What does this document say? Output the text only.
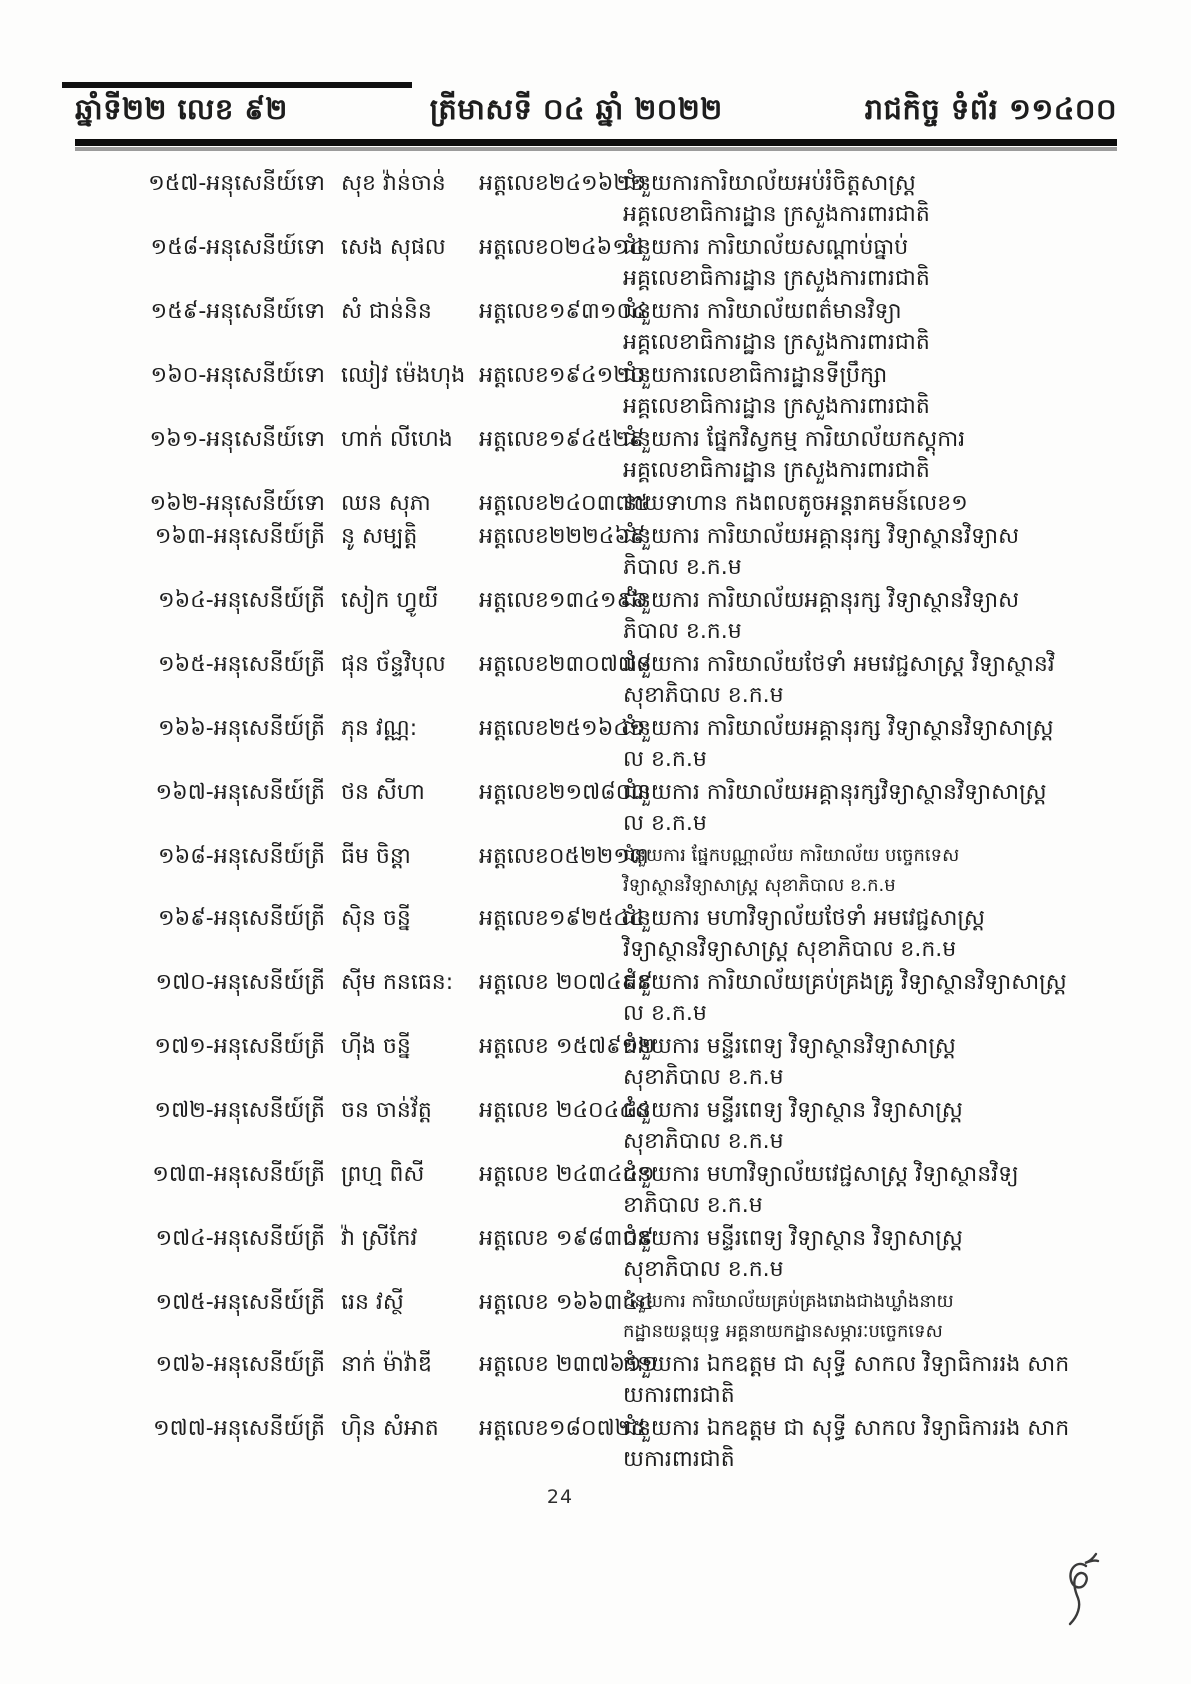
ឆ្នាំទី២២ លេខ ៩២	ត្រីមាសទី ០៤ ឆ្នាំ ២០២២	រាជកិច្ច ទំព័រ ១១៤០០
១៥៧-អនុសេនីយ៍ទោ សុខ វ៉ាន់ចាន់	អត្តលេខ២៤១៦២១
ជំនួយការការិយាល័យអប់រំចិត្តសាស្ត្រ
អគ្គលេខាធិការដ្ឋាន ក្រសួងការពារជាតិ
១៥៨-អនុសេនីយ៍ទោ សេង សុផល	អត្តលេខ០២៤៦១៤
ជំនួយការ ការិយាល័យសណ្តាប់ធ្នាប់
អគ្គលេខាធិការដ្ឋាន ក្រសួងការពារជាតិ
១៥៩-អនុសេនីយ៍ទោ សំ ជាន់និន	អត្តលេខ១៩៣១០៤
ជំនួយការ ការិយាល័យពត៌មានវិទ្យា
អគ្គលេខាធិការដ្ឋាន ក្រសួងការពារជាតិ
១៦០-អនុសេនីយ៍ទោ ឈៀវ ម៉េងហុង អត្តលេខ១៩៤១២០
ជំនួយការលេខាធិការដ្ឋានទីប្រឹក្សា
អគ្គលេខាធិការដ្ឋាន ក្រសួងការពារជាតិ
១៦១-អនុសេនីយ៍ទោ ហាក់ លីហេង	អត្តលេខ១៩៤៥២៩
ជំនួយការ ផ្នែកវិស្វកម្ម ការិយាល័យកស្តុការ
អគ្គលេខាធិការដ្ឋាន ក្រសួងការពារជាតិ
១៦២-អនុសេនីយ៍ទោ ឈន សុភា	អត្តលេខ២៤០៣៧៥
នាយទាហាន កងពលតូចអន្តរាគមន៍លេខ១
១៦៣-អនុសេនីយ៍ត្រី នូ សម្បត្តិ	អត្តលេខ២២២៤៦៩
ជំនួយការ ការិយាល័យអគ្គានុរក្ស វិទ្យាស្ថានវិទ្យាស
ភិបាល ខ.ក.ម
១៦៤-អនុសេនីយ៍ត្រី សៀក ហ្វូយី	អត្តលេខ១៣៤១៩៦
ជំនួយការ ការិយាល័យអគ្គានុរក្ស វិទ្យាស្ថានវិទ្យាស
ភិបាល ខ.ក.ម
១៦៥-អនុសេនីយ៍ត្រី ផុន ច័ន្ទវិបុល	អត្តលេខ២៣០៧៧៨
ជំនួយការ ការិយាល័យថែទាំ អមវេជ្ជសាស្ត្រ វិទ្យាស្ថានវិ
សុខាភិបាល ខ.ក.ម
១៦៦-អនុសេនីយ៍ត្រី ភុន វណ្ណ:	អត្តលេខ២៥១៦៤១
ជំនួយការ ការិយាល័យអគ្គានុរក្ស វិទ្យាស្ថានវិទ្យាសាស្ត្រ
ល ខ.ក.ម
១៦៧-អនុសេនីយ៍ត្រី ថន សីហា	អត្តលេខ២១៧៨០៣
ជំនួយការ ការិយាល័យអគ្គានុរក្សវិទ្យាស្ថានវិទ្យាសាស្ត្រ
ល ខ.ក.ម
១៦៨-អនុសេនីយ៍ត្រី ធីម ចិន្តា	អត្តលេខ០៥២២១៣
ជំនួយការ ផ្នែកបណ្ណាល័យ ការិយាល័យ បច្ចេកទេស
វិទ្យាស្ថានវិទ្យាសាស្ត្រ សុខាភិបាល ខ.ក.ម
១៦៩-អនុសេនីយ៍ត្រី ស៊ិន ចន្នី	អត្តលេខ១៩២៥៤៤
ជំនួយការ មហាវិទ្យាល័យថែទាំ អមវេជ្ជសាស្ត្រ
វិទ្យាស្ថានវិទ្យាសាស្ត្រ សុខាភិបាល ខ.ក.ម
១៧០-អនុសេនីយ៍ត្រី ស៊ីម កនធេន:	អត្តលេខ ២០៧៤៩៩
ជំនួយការ ការិយាល័យគ្រប់គ្រងគ្រូ វិទ្យាស្ថានវិទ្យាសាស្ត្រ
ល ខ.ក.ម
១៧១-អនុសេនីយ៍ត្រី ហ៊ីង ចន្នី	អត្តលេខ ១៥៧៩១២
ជំនួយការ មន្ទីរពេទ្យ វិទ្យាស្ថានវិទ្យាសាស្ត្រ
សុខាភិបាល ខ.ក.ម
១៧២-អនុសេនីយ៍ត្រី ចន ចាន់វ័ត្ត	អត្តលេខ ២៤០៤៤៤
ជំនួយការ មន្ទីរពេទ្យ វិទ្យាស្ថាន វិទ្យាសាស្ត្រ
សុខាភិបាល ខ.ក.ម
១៧៣-អនុសេនីយ៍ត្រី ព្រហ្ម ពិសី	អត្តលេខ ២៤៣៤៤១
ជំនួយការ មហាវិទ្យាល័យវេជ្ជសាស្ត្រ វិទ្យាស្ថានវិទ្យ
ខាភិបាល ខ.ក.ម
១៧៤-អនុសេនីយ៍ត្រី វ៉ា ស្រីកែវ	អត្តលេខ ១៩៨៣០៩
ជំនួយការ មន្ទីរពេទ្យ វិទ្យាស្ថាន វិទ្យាសាស្ត្រ
សុខាភិបាល ខ.ក.ម
១៧៥-អនុសេនីយ៍ត្រី រេន វស្ថី	អត្តលេខ ១៦៦៣៤៤
ជំនួយការ ការិយាល័យគ្រប់គ្រងរោងជាងឃ្លាំងនាយ
កដ្ឋានយន្តយុទ្ធ អគ្គនាយកដ្ឋានសម្ភារៈបច្ចេកទេស
១៧៦-អនុសេនីយ៍ត្រី នាក់ ម៉ាវ៉ាឌី	អត្តលេខ ២៣៧៦១១
ជំនួយការ ឯកឧត្តម ជា សុទ្ធី សាកល វិទ្យាធិការរង សាក
យការពារជាតិ
១៧៧-អនុសេនីយ៍ត្រី ហ៊ិន សំអាត	អត្តលេខ១៨០៧២៥
ជំនួយការ ឯកឧត្តម ជា សុទ្ធី សាកល វិទ្យាធិការរង សាក
យការពារជាតិ
24
